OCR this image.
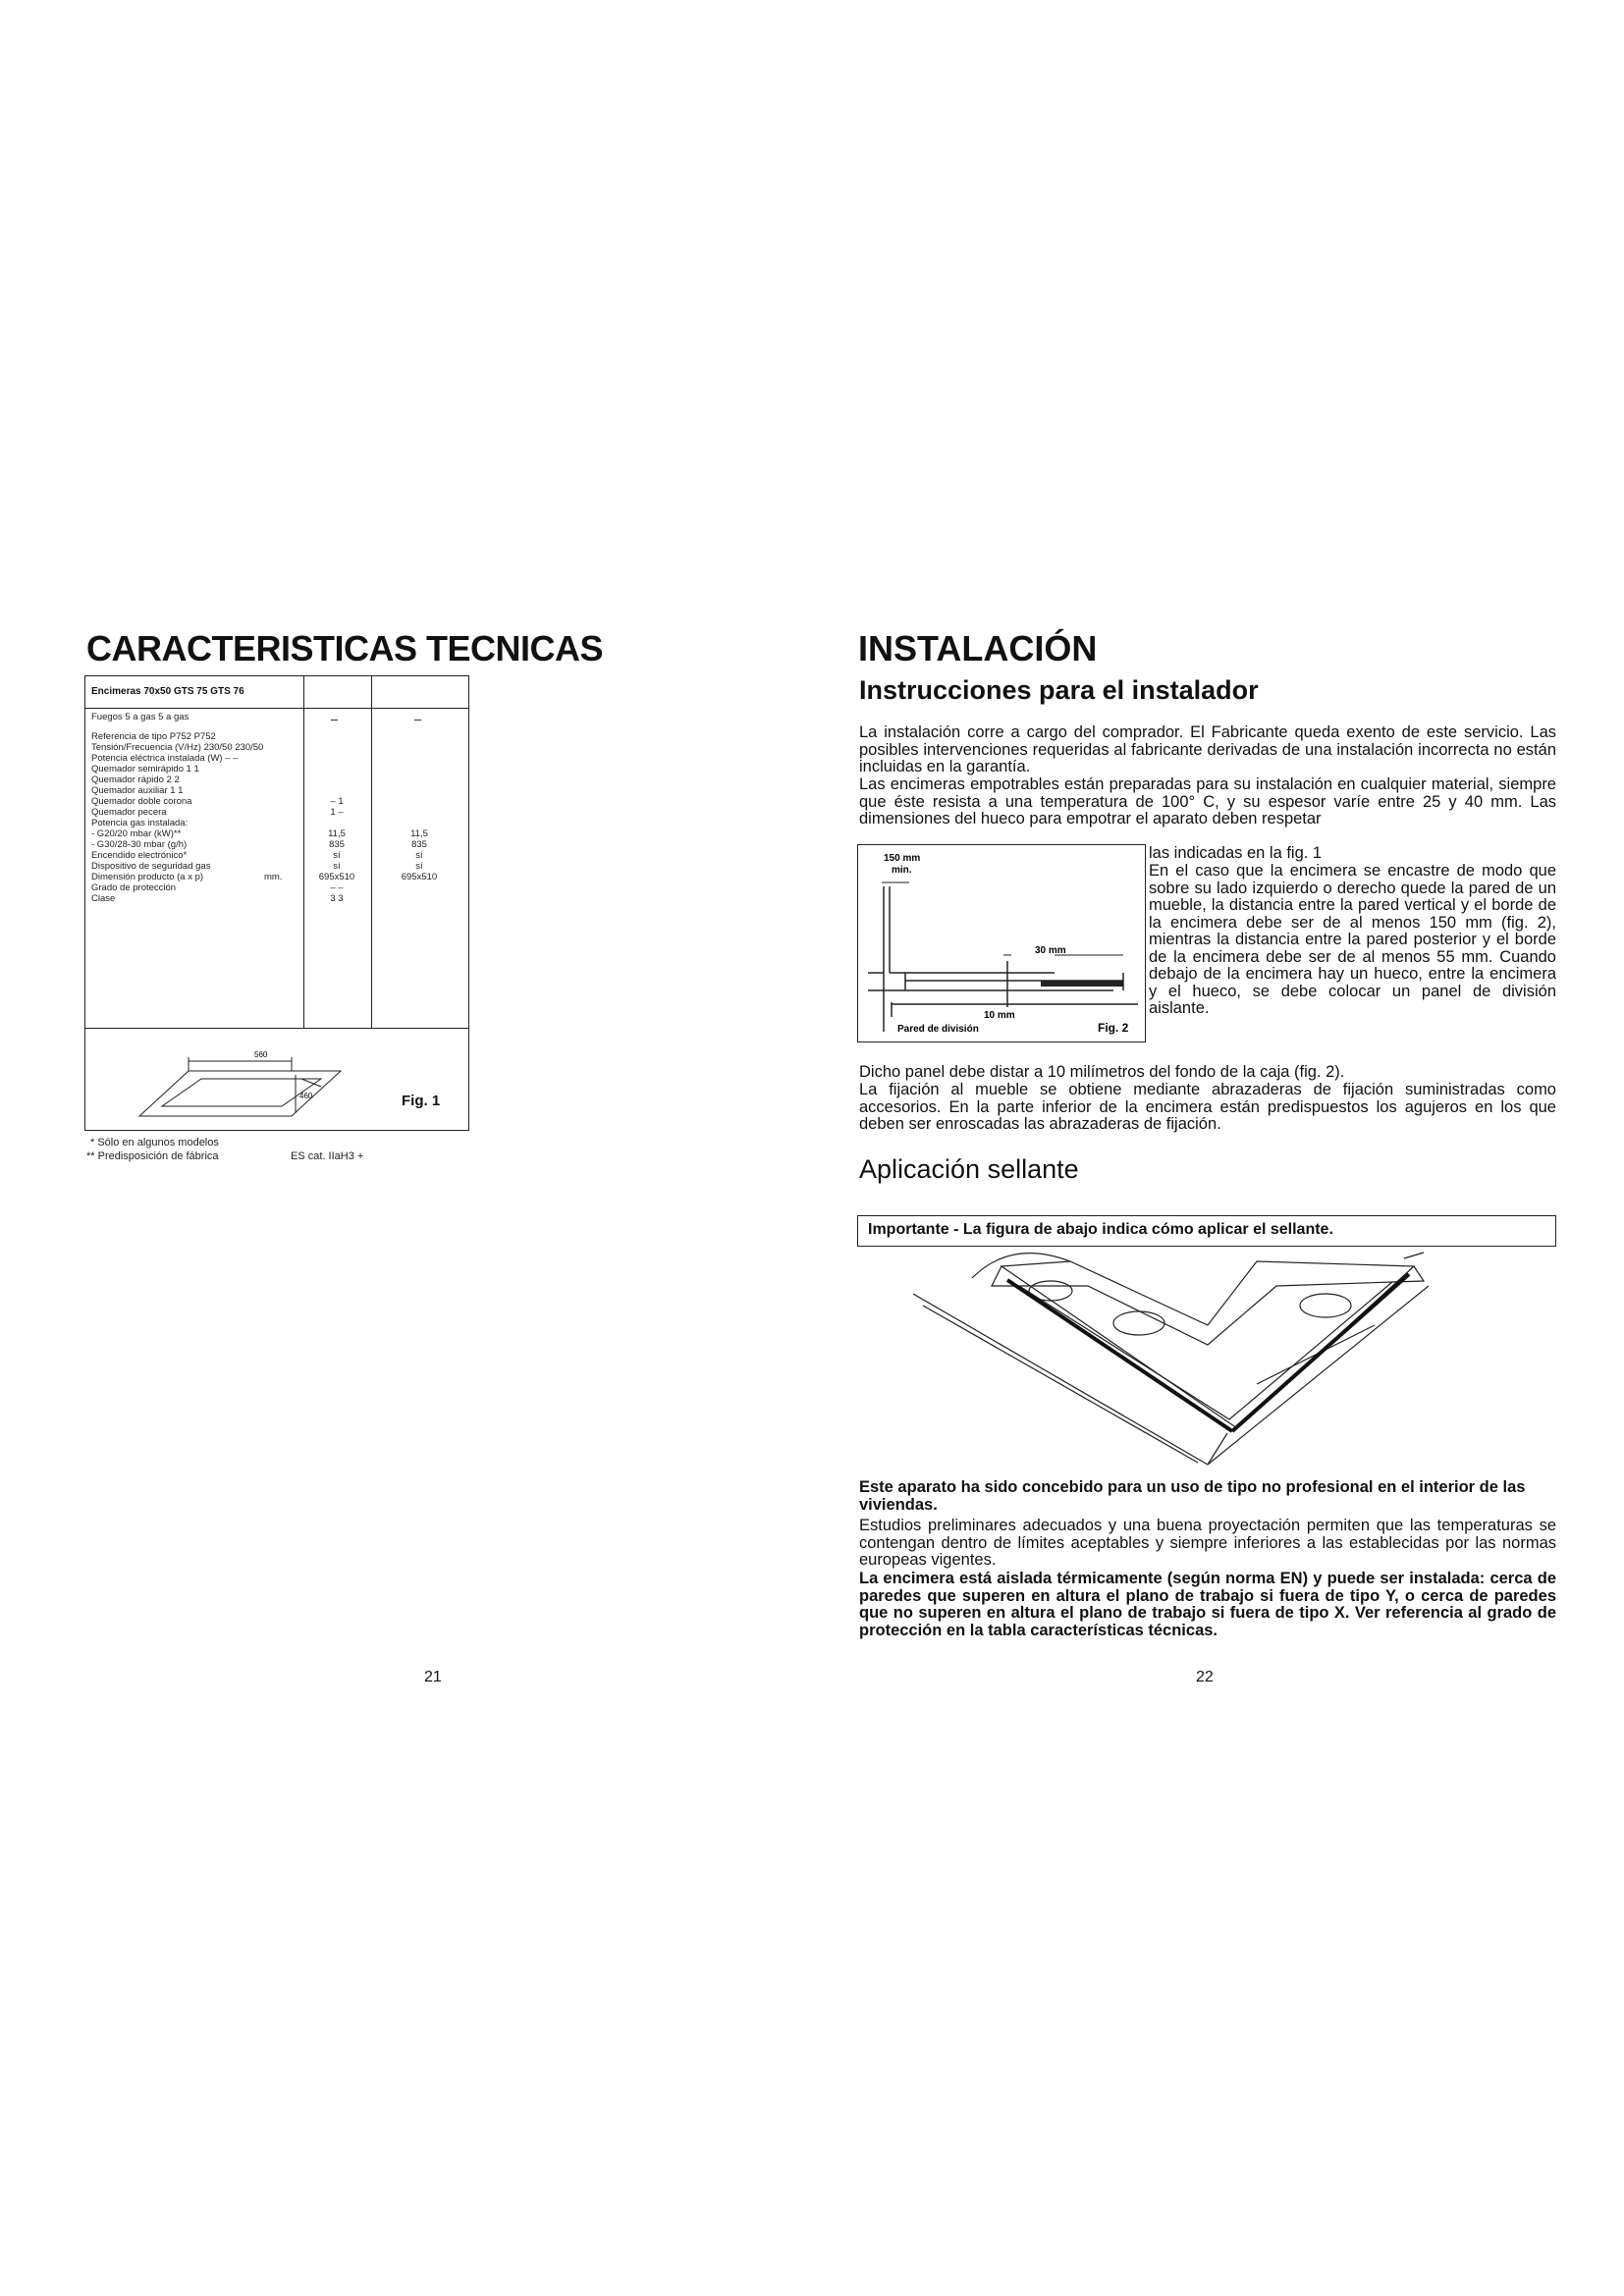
CARACTERISTICAS TECNICAS
Encimeras 70x50 GTS 75 GTS 76
Fuegos 5 a gas 5 a gas	–	–
Referencia de tipo P752 P752
Tensión/Frecuencia (V/Hz) 230/50 230/50
Potencia eléctrica instalada (W) – –
Quemador semirápido 1 1
Quemador rápido 2 2
Quemador auxiliar 1 1
Quemador doble corona	– 1
Quemador pecera	1 –
Potencia gas instalada:
- G20/20 mbar (kW)**	11,5	11,5
- G30/28-30 mbar (g/h)	835	835
Encendido electrónico*	sí	sí
Dispositivo de seguridad gas	sí	sí
Dimensión producto (a x p)	mm.	695x510	695x510
Grado de protección	– –
Clase	3 3
560
460	Fig. 1
* Sólo en algunos modelos
** Predisposición de fábrica	ES cat. IIaH3 +
21
INSTALACIÓN
Instrucciones para el instalador
La instalación corre a cargo del comprador. El Fabricante queda exento de este servicio. Las posibles intervenciones requeridas al fabricante derivadas de una instalación incorrecta no están incluidas en la garantía.
Las encimeras empotrables están preparadas para su instalación en cualquier material, siempre que éste resista a una temperatura de 100° C, y su espesor varíe entre 25 y 40 mm. Las dimensiones del hueco para empotrar el aparato deben respetar
las indicadas en la fig. 1
En el caso que la encimera se encastre de modo que sobre su lado izquierdo o derecho quede la pared de un mueble, la distancia entre la pared vertical y el borde de la encimera debe ser de al menos 150 mm (fig. 2), mientras la distancia entre la pared posterior y el borde de la encimera debe ser de al menos 55 mm. Cuando debajo de la encimera hay un hueco, entre la encimera y el hueco, se debe colocar un panel de división aislante.
150 mm
min.
30 mm
10 mm
Pared de división	Fig. 2
Dicho panel debe distar a 10 milímetros del fondo de la caja (fig. 2).
La fijación al mueble se obtiene mediante abrazaderas de fijación suministradas como accesorios. En la parte inferior de la encimera están predispuestos los agujeros en los que deben ser enroscadas las abrazaderas de fijación.
Aplicación sellante
Importante - La figura de abajo indica cómo aplicar el sellante.
Este aparato ha sido concebido para un uso de tipo no profesional en el interior de las viviendas.
Estudios preliminares adecuados y una buena proyectación permiten que las temperaturas se contengan dentro de límites aceptables y siempre inferiores a las establecidas por las normas europeas vigentes.
La encimera está aislada térmicamente (según norma EN) y puede ser instalada: cerca de paredes que superen en altura el plano de trabajo si fuera de tipo Y, o cerca de paredes que no superen en altura el plano de trabajo si fuera de tipo X. Ver referencia al grado de protección en la tabla características técnicas.
22
